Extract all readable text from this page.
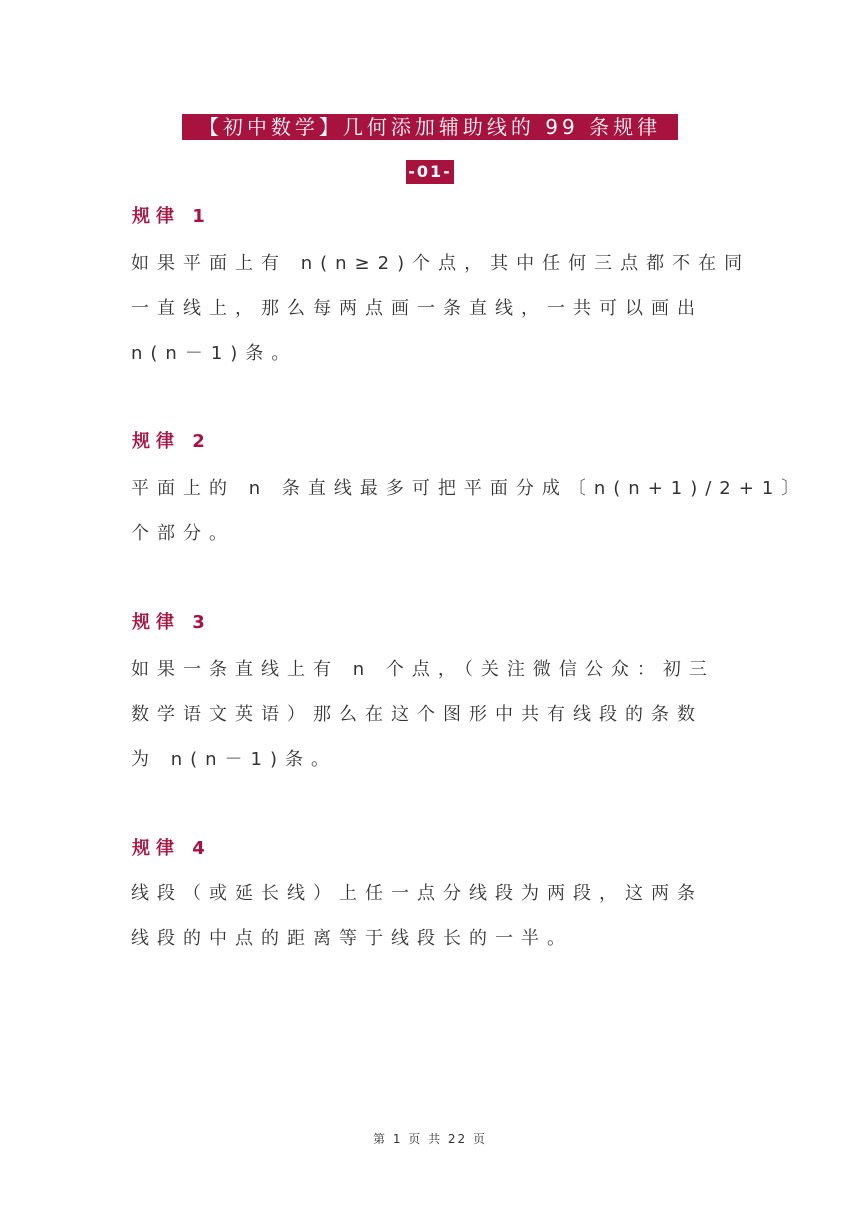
【初中数学】几何添加辅助线的 99 条规律
-01-
规律 1
如果平面上有 n(n≥2)个点，其中任何三点都不在同
一直线上，那么每两点画一条直线，一共可以画出
n(n－1)条。
规律 2
平面上的 n 条直线最多可把平面分成〔n(n+1)/2+1〕
个部分。
规律 3
如果一条直线上有 n 个点，（关注微信公众：初三
数学语文英语）那么在这个图形中共有线段的条数
为 n(n－1)条。
规律 4
线段（或延长线）上任一点分线段为两段，这两条
线段的中点的距离等于线段长的一半。
第 1 页 共 22 页
